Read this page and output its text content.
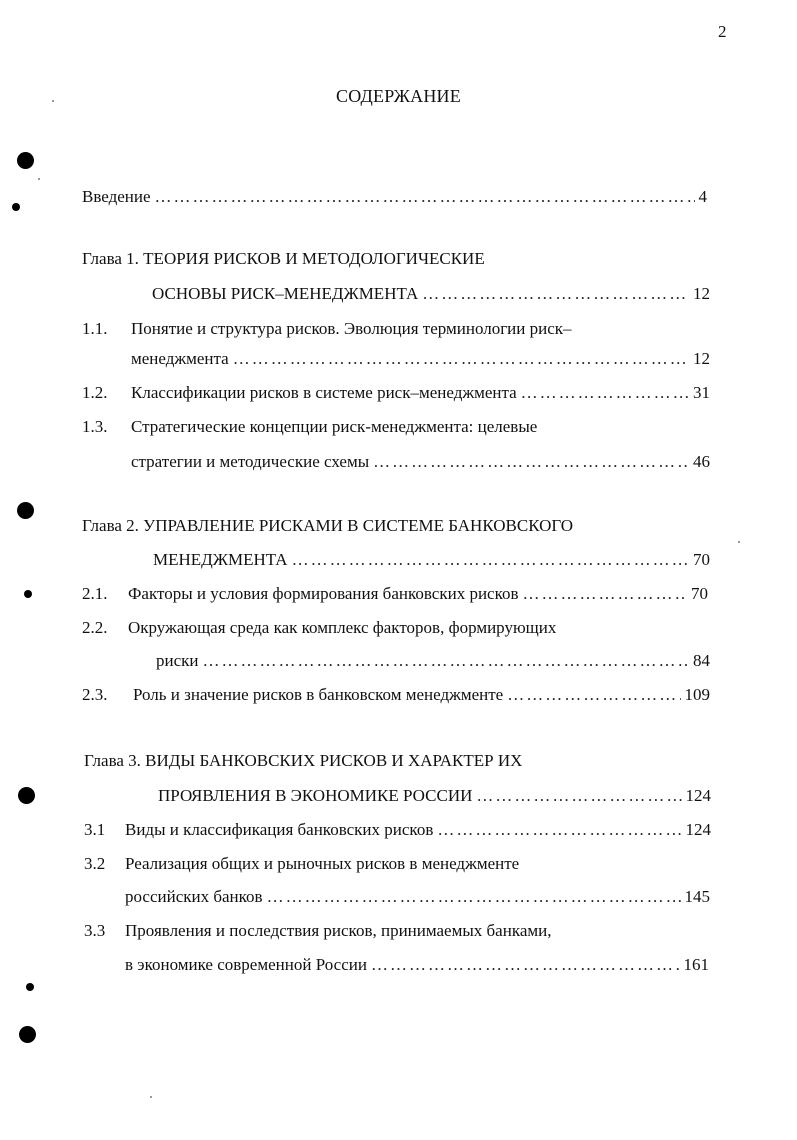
2
СОДЕРЖАНИЕ
Введение ……………………………………………………………………………………………………………………………………	4
Глава 1. ТЕОРИЯ РИСКОВ И МЕТОДОЛОГИЧЕСКИЕ
ОСНОВЫ РИСК–МЕНЕДЖМЕНТА ……………………………………………………………………………………………………………………………………	12
1.1. Понятие и структура рисков. Эволюция терминологии риск–
менеджмента ……………………………………………………………………………………………………………………………………	12
1.2. Классификации рисков в системе риск–менеджмента ……………………………………………………………………………………………………………………………………	31
1.3. Стратегические концепции риск-менеджмента: целевые
стратегии и методические схемы ……………………………………………………………………………………………………………………………………	46
Глава 2. УПРАВЛЕНИЕ РИСКАМИ В СИСТЕМЕ БАНКОВСКОГО
МЕНЕДЖМЕНТА ……………………………………………………………………………………………………………………………………	70
2.1. Факторы и условия формирования банковских рисков ……………………………………………………………………………………………………………………………………	70
2.2. Окружающая среда как комплекс факторов, формирующих
риски ……………………………………………………………………………………………………………………………………	84
2.3. Роль и значение рисков в банковском менеджменте ……………………………………………………………………………………………………………………………………	109
Глава 3. ВИДЫ БАНКОВСКИХ РИСКОВ И ХАРАКТЕР ИХ
ПРОЯВЛЕНИЯ В ЭКОНОМИКЕ РОССИИ ……………………………………………………………………………………………………………………………………	124
3.1 Виды и классификация банковских рисков ……………………………………………………………………………………………………………………………………	124
3.2 Реализация общих и рыночных рисков в менеджменте
российских банков ……………………………………………………………………………………………………………………………………	145
3.3 Проявления и последствия рисков, принимаемых банками,
в экономике современной России ……………………………………………………………………………………………………………………………………	161
